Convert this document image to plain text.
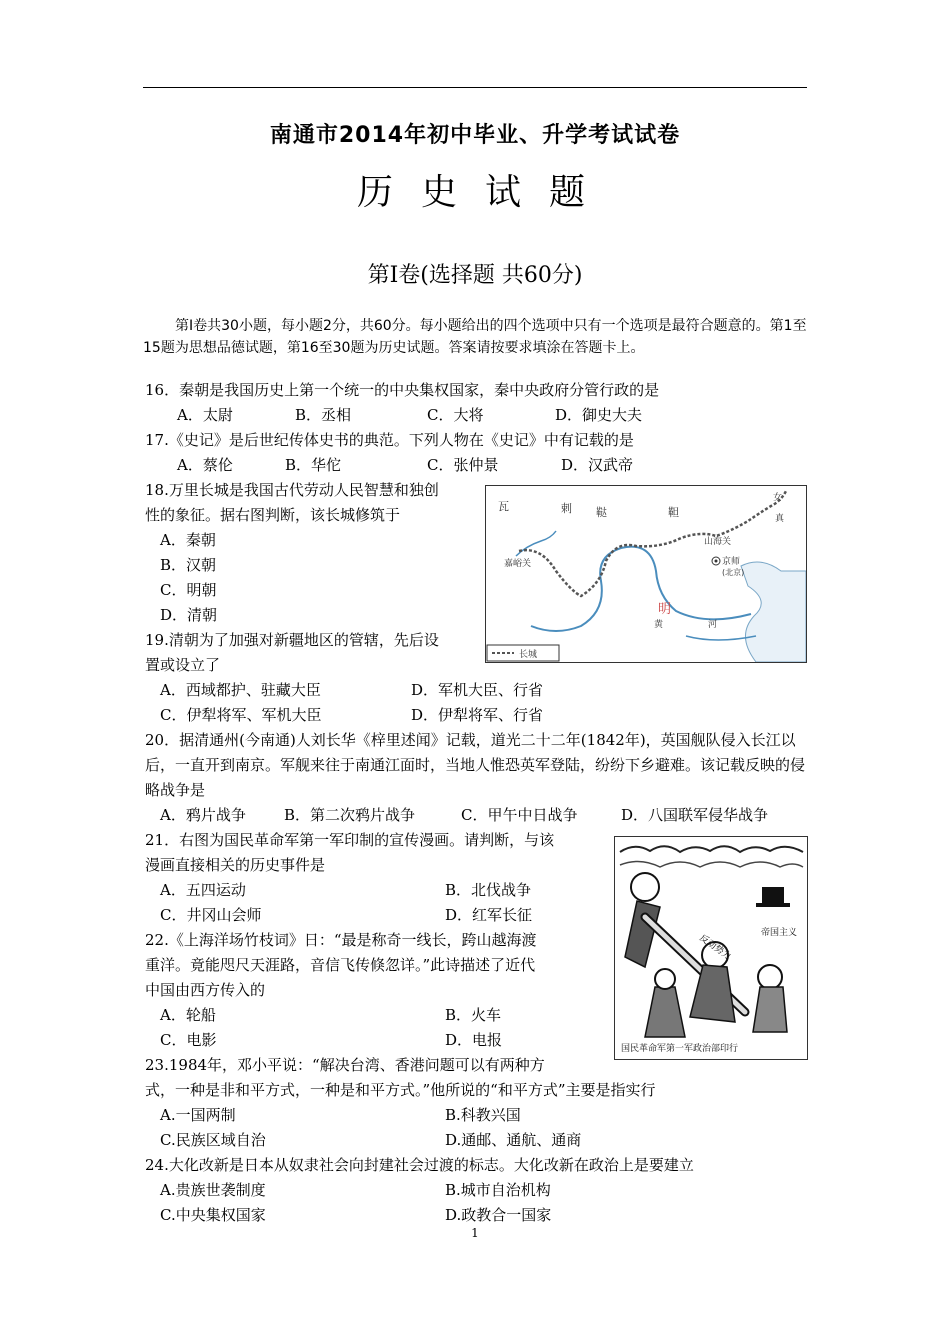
南通市2014年初中毕业、升学考试试卷
历史试题
第Ⅰ卷(选择题 共60分)
第Ⅰ卷共30小题，每小题2分，共60分。每小题给出的四个选项中只有一个选项是最符合题意的。第1至15题为思想品德试题，第16至30题为历史试题。答案请按要求填涂在答题卡上。
16．秦朝是我国历史上第一个统一的中央集权国家，秦中央政府分管行政的是
A．太尉	B．丞相	C．大将	D．御史大夫
17.《史记》是后世纪传体史书的典范。下列人物在《史记》中有记载的是
A．蔡伦	B．华佗	C．张仲景	D．汉武帝
18.万里长城是我国古代劳动人民智慧和独创
性的象征。据右图判断，该长城修筑于
A．秦朝
B．汉朝
C．明朝
D．清朝
瓦	剌 鞑	靼
女
真
山海关
嘉峪关	京师
(北京)
明
黄	河
长城
19.清朝为了加强对新疆地区的管辖，先后设
置或设立了
A．西域都护、驻藏大臣	D．军机大臣、行省
C．伊犁将军、军机大臣	D．伊犁将军、行省
20．据清通州(今南通)人刘长华《梓里述闻》记载，道光二十二年(1842年)，英国舰队侵入长江以后，一直开到南京。军舰来往于南通江面时，当地人惟恐英军登陆，纷纷下乡避难。该记载反映的侵略战争是
A．鸦片战争	B．第二次鸦片战争	C．甲午中日战争	D．八国联军侵华战争
21．右图为国民革命军第一军印制的宣传漫画。请判断，与该
漫画直接相关的历史事件是
A．五四运动	B．北伐战争
C．井冈山会师	D．红军长征
帝国主义
反动势力
国民革命军第一军政治部印行
22.《上海洋场竹枝词》日：“最是称奇一线长，跨山越海渡
重洋。竟能咫尺天涯路，音信飞传倏忽详。”此诗描述了近代
中国由西方传入的
A．轮船	B．火车
C．电影	D．电报
23.1984年，邓小平说：“解决台湾、香港问题可以有两种方
式，一种是非和平方式，一种是和平方式。”他所说的“和平方式”主要是指实行
A.一国两制	B.科教兴国
C.民族区域自治	D.通邮、通航、通商
24.大化改新是日本从奴隶社会向封建社会过渡的标志。大化改新在政治上是要建立
A.贵族世袭制度	B.城市自治机构
C.中央集权国家	D.政教合一国家
1
